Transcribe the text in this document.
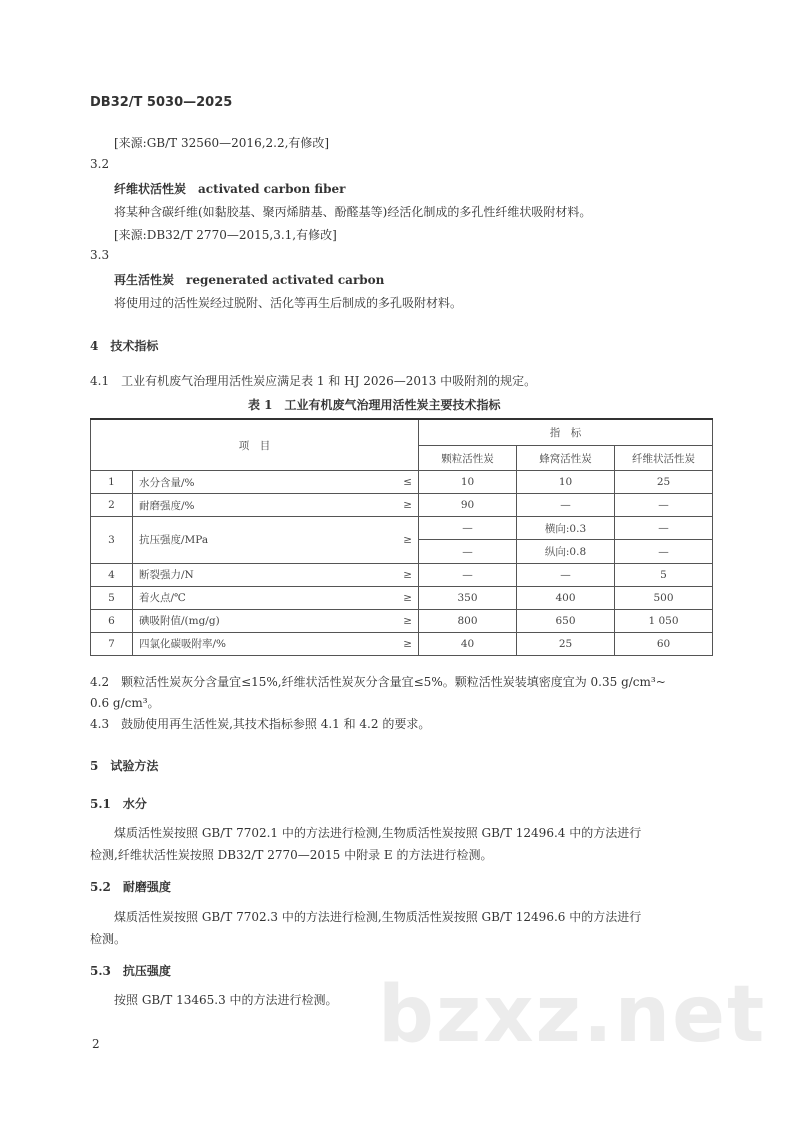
DB32/T 5030—2025
[来源:GB/T 32560—2016,2.2,有修改]
3.2
纤维状活性炭　activated carbon fiber
将某种含碳纤维(如黏胶基、聚丙烯腈基、酚醛基等)经活化制成的多孔性纤维状吸附材料。
[来源:DB32/T 2770—2015,3.1,有修改]
3.3
再生活性炭　regenerated activated carbon
将使用过的活性炭经过脱附、活化等再生后制成的多孔吸附材料。
4　技术指标
4.1　工业有机废气治理用活性炭应满足表 1 和 HJ 2026—2013 中吸附剂的规定。
表 1　工业有机废气治理用活性炭主要技术指标
项　目			指　标		
			颗粒活性炭	蜂窝活性炭	纤维状活性炭
1	水分含量/%	≤	10	10	25
2	耐磨强度/%	≥	90	—	—
3	抗压强度/MPa	≥	—	横向:0.3	—
			—	纵向:0.8	—
4	断裂强力/N	≥	—	—	5
5	着火点/℃	≥	350	400	500
6	碘吸附值/(mg/g)	≥	800	650	1 050
7	四氯化碳吸附率/%	≥	40	25	60
4.2　颗粒活性炭灰分含量宜≤15%,纤维状活性炭灰分含量宜≤5%。颗粒活性炭装填密度宜为 0.35 g/cm³~
0.6 g/cm³。
4.3　鼓励使用再生活性炭,其技术指标参照 4.1 和 4.2 的要求。
5　试验方法
5.1　水分
煤质活性炭按照 GB/T 7702.1 中的方法进行检测,生物质活性炭按照 GB/T 12496.4 中的方法进行
检测,纤维状活性炭按照 DB32/T 2770—2015 中附录 E 的方法进行检测。
5.2　耐磨强度
煤质活性炭按照 GB/T 7702.3 中的方法进行检测,生物质活性炭按照 GB/T 12496.6 中的方法进行
检测。
5.3　抗压强度
按照 GB/T 13465.3 中的方法进行检测。 bzxz.net
2
